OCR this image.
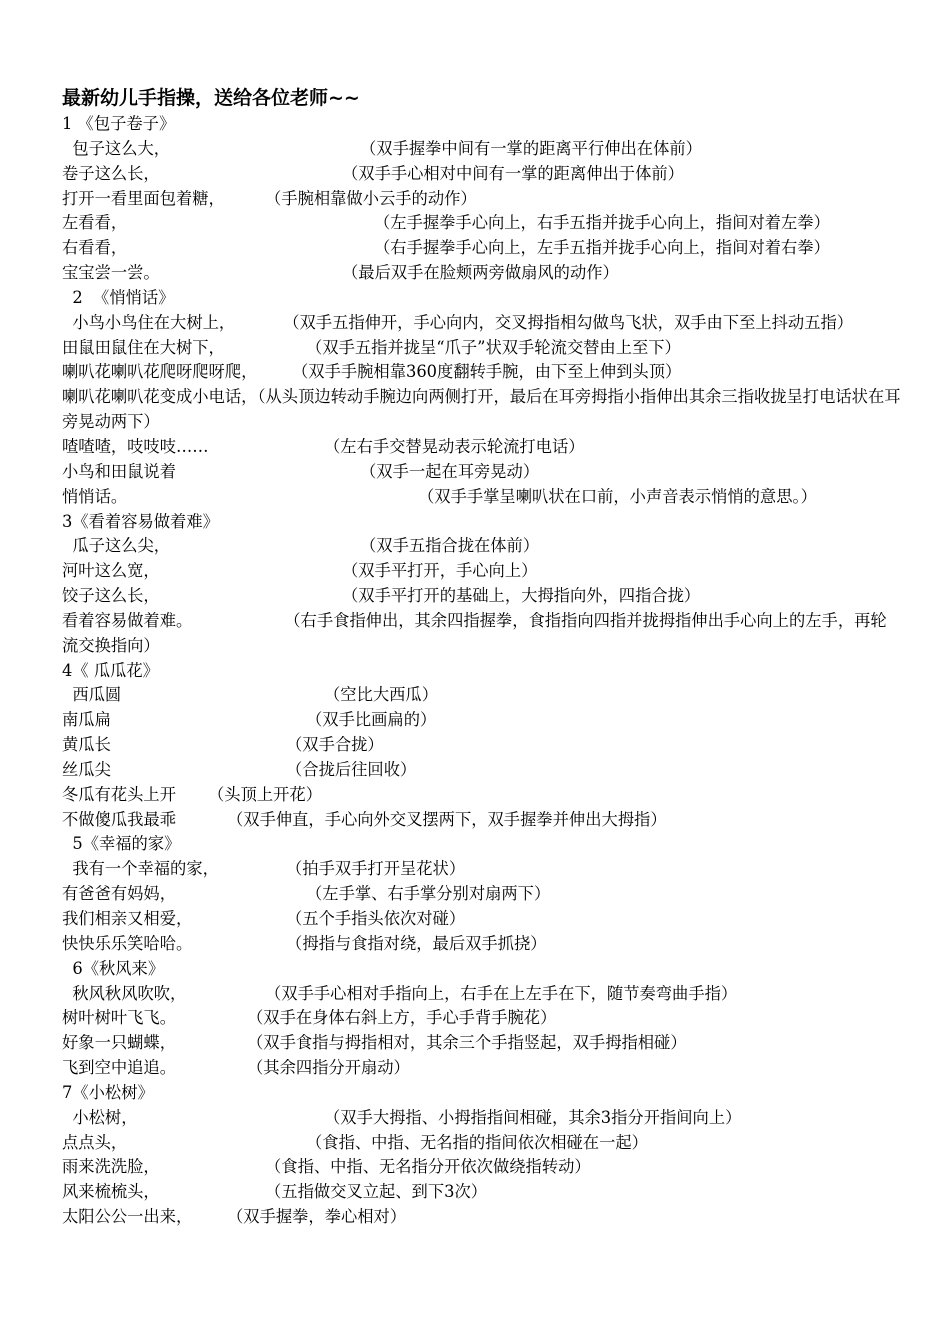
最新幼儿手指操，送给各位老师~~
1 《包子卷子》
包子这么大，	（双手握拳中间有一掌的距离平行伸出在体前）
卷子这么长，	（双手手心相对中间有一掌的距离伸出于体前）
打开一看里面包着糖， （手腕相靠做小云手的动作）
左看看，	（左手握拳手心向上，右手五指并拢手心向上，指间对着左拳）
右看看，	（右手握拳手心向上，左手五指并拢手心向上，指间对着右拳）
宝宝尝一尝。	（最后双手在脸颊两旁做扇风的动作）
2  《悄悄话》
小鸟小鸟住在大树上，	（双手五指伸开，手心向内，交叉拇指相勾做鸟飞状，双手由下至上抖动五指）
田鼠田鼠住在大树下，	（双手五指并拢呈“爪子”状双手轮流交替由上至下）
喇叭花喇叭花爬呀爬呀爬， （双手手腕相靠360度翻转手腕，由下至上伸到头顶）
喇叭花喇叭花变成小电话，（从头顶边转动手腕边向两侧打开，最后在耳旁拇指小指伸出其余三指收拢呈打电话状在耳旁晃动两下）
喳喳喳，吱吱吱……	（左右手交替晃动表示轮流打电话）
小鸟和田鼠说着	（双手一起在耳旁晃动）
悄悄话。	（双手手掌呈喇叭状在口前，小声音表示悄悄的意思。）
3《看着容易做着难》
瓜子这么尖，	（双手五指合拢在体前）
河叶这么宽，	（双手平打开，手心向上）
饺子这么长，	（双手平打开的基础上，大拇指向外，四指合拢）
看着容易做着难。	（右手食指伸出，其余四指握拳，食指指向四指并拢拇指伸出手心向上的左手，再轮流交换指向）
4《 瓜瓜花》
西瓜圆	（空比大西瓜）
南瓜扁	（双手比画扁的）
黄瓜长	（双手合拢）
丝瓜尖	（合拢后往回收）
冬瓜有花头上开 （头顶上开花）
不做傻瓜我最乖	（双手伸直，手心向外交叉摆两下，双手握拳并伸出大拇指）
5《幸福的家》
我有一个幸福的家，	（拍手双手打开呈花状）
有爸爸有妈妈，	（左手掌、右手掌分别对扇两下）
我们相亲又相爱，	（五个手指头依次对碰）
快快乐乐笑哈哈。	（拇指与食指对绕，最后双手抓挠）
6《秋风来》
秋风秋风吹吹，	（双手手心相对手指向上，右手在上左手在下，随节奏弯曲手指）
树叶树叶飞飞。	（双手在身体右斜上方，手心手背手腕花）
好象一只蝴蝶，	（双手食指与拇指相对，其余三个手指竖起，双手拇指相碰）
飞到空中追追。	（其余四指分开扇动）
7《小松树》
小松树，	（双手大拇指、小拇指指间相碰，其余3指分开指间向上）
点点头，	（食指、中指、无名指的指间依次相碰在一起）
雨来洗洗脸，	（食指、中指、无名指分开依次做绕指转动）
风来梳梳头，	（五指做交叉立起、到下3次）
太阳公公一出来， （双手握拳，拳心相对）
